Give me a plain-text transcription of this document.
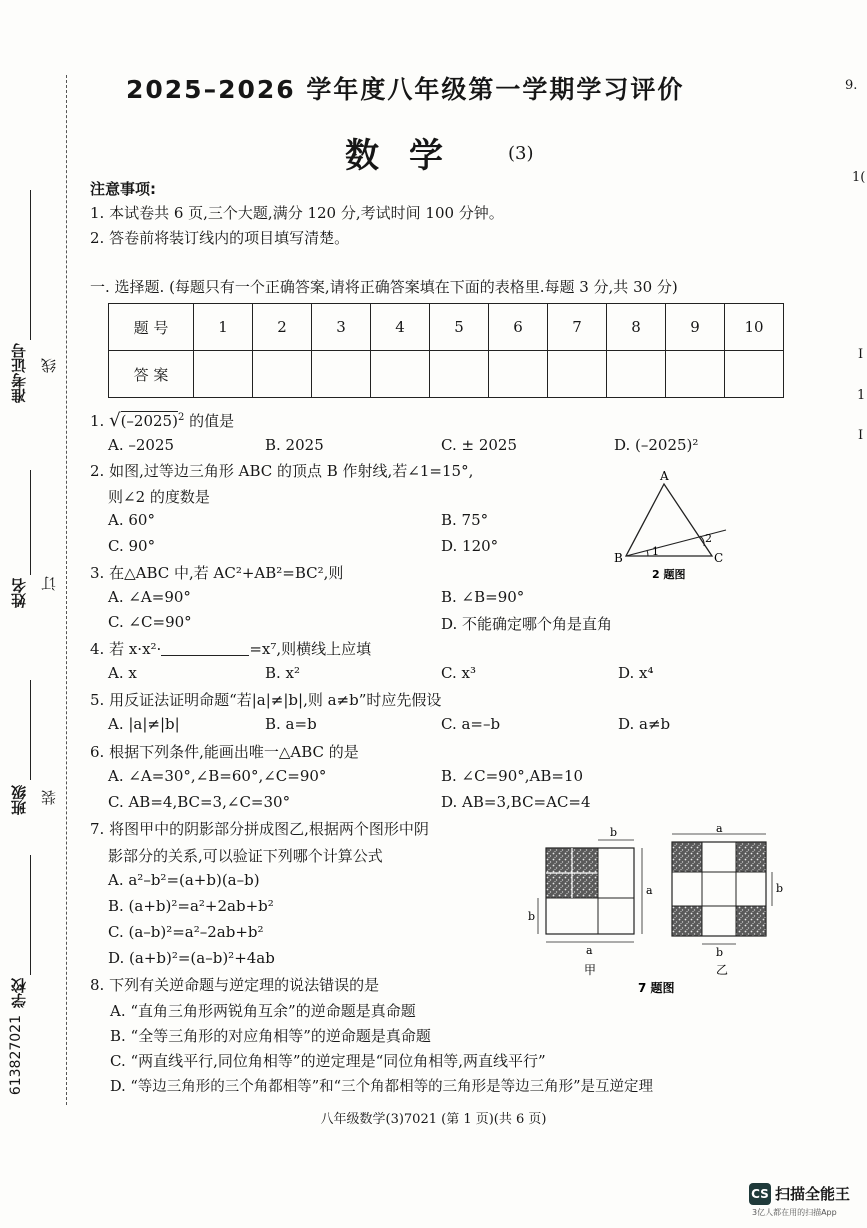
准考证号
姓名
班级
学校
613827021
线
订
装
2025–2026 学年度八年级第一学期学习评价
数学 (3)
注意事项:
1. 本试卷共 6 页,三个大题,满分 120 分,考试时间 100 分钟。
2. 答卷前将装订线内的项目填写清楚。
一. 选择题. (每题只有一个正确答案,请将正确答案填在下面的表格里.每题 3 分,共 30 分)
题 号	1	2	3	4	5	6	7	8	9	10
答 案										
1. $√(-2025)^2$ 的值是
A. –2025	B. 2025	C. ± 2025	D. (–2025)²
2. 如图,过等边三角形 ABC 的顶点 B 作射线,若∠1=15°,
则∠2 的度数是
A. 60°	B. 75°
C. 90°	D. 120°
A
B	C
1
2
2 题图
3. 在△ABC 中,若 AC²+AB²=BC²,则
A. ∠A=90°	B. ∠B=90°
C. ∠C=90°	D. 不能确定哪个角是直角
4. 若 x·x²·	=x⁷,则横线上应填
A. x	B. x²	C. x³	D. x⁴
5. 用反证法证明命题“若|a|≠|b|,则 a≠b”时应先假设
A. |a|≠|b|	B. a=b	C. a=–b	D. a≠b
6. 根据下列条件,能画出唯一△ABC 的是
A. ∠A=30°,∠B=60°,∠C=90°	B. ∠C=90°,AB=10
C. AB=4,BC=3,∠C=30°	D. AB=3,BC=AC=4
7. 将图甲中的阴影部分拼成图乙,根据两个图形中阴
影部分的关系,可以验证下列哪个计算公式
A. a²–b²=(a+b)(a–b)
B. (a+b)²=a²+2ab+b²
C. (a–b)²=a²–2ab+b²
D. (a+b)²=(a–b)²+4ab
b
a
b
a
甲
a
b
b
乙
7 题图
8. 下列有关逆命题与逆定理的说法错误的是
A. “直角三角形两锐角互余”的逆命题是真命题
B. “全等三角形的对应角相等”的逆命题是真命题
C. “两直线平行,同位角相等”的逆定理是“同位角相等,两直线平行”
D. “等边三角形的三个角都相等”和“三个角都相等的三角形是等边三角形”是互逆定理
八年级数学(3)7021 (第 1 页)(共 6 页)
9.
1(
I
1
I
CS 扫描全能王
3亿人都在用的扫描App
